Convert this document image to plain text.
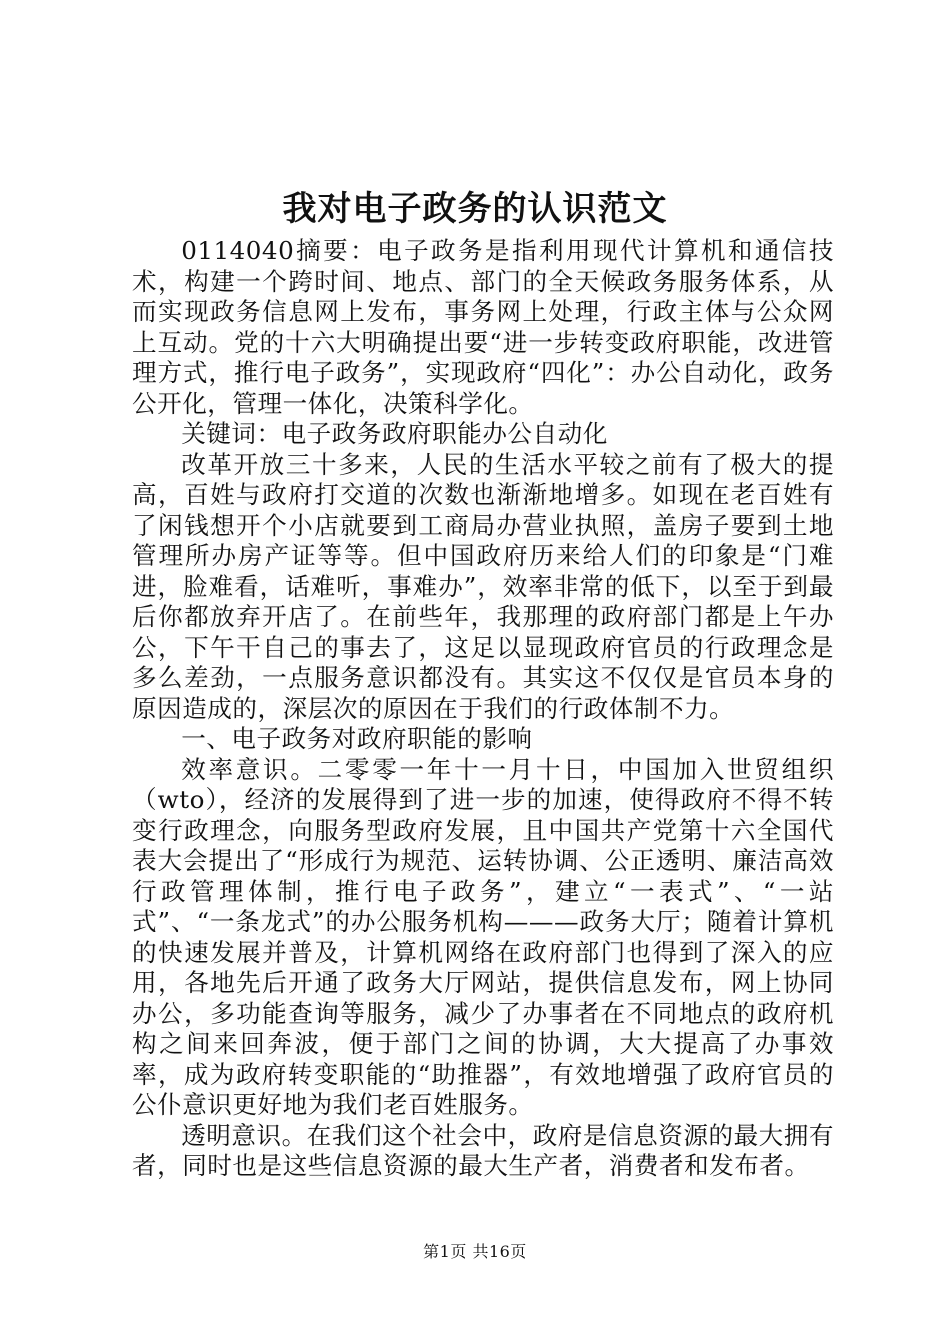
我对电子政务的认识范文

0114040摘要：电子政务是指利用现代计算机和通信技术，构建一个跨时间、地点、部门的全天候政务服务体系，从而实现政务信息网上发布，事务网上处理，行政主体与公众网上互动。党的十六大明确提出要“进一步转变政府职能，改进管理方式，推行电子政务”，实现政府“四化”：办公自动化，政务公开化，管理一体化，决策科学化。

关键词：电子政务政府职能办公自动化

改革开放三十多来，人民的生活水平较之前有了极大的提高，百姓与政府打交道的次数也渐渐地增多。如现在老百姓有了闲钱想开个小店就要到工商局办营业执照，盖房子要到土地管理所办房产证等等。但中国政府历来给人们的印象是“门难进，脸难看，话难听，事难办”，效率非常的低下，以至于到最后你都放弃开店了。在前些年，我那理的政府部门都是上午办公，下午干自己的事去了，这足以显现政府官员的行政理念是多么差劲，一点服务意识都没有。其实这不仅仅是官员本身的原因造成的，深层次的原因在于我们的行政体制不力。

一、电子政务对政府职能的影响

效率意识。二零零一年十一月十日，中国加入世贸组织（wto），经济的发展得到了进一步的加速，使得政府不得不转变行政理念，向服务型政府发展，且中国共产党第十六全国代表大会提出了“形成行为规范、运转协调、公正透明、廉洁高效行政管理体制，推行电子政务”，建立“一表式”、“一站式”、“一条龙式”的办公服务机构———政务大厅；随着计算机的快速发展并普及，计算机网络在政府部门也得到了深入的应用，各地先后开通了政务大厅网站，提供信息发布，网上协同办公，多功能查询等服务，减少了办事者在不同地点的政府机构之间来回奔波，便于部门之间的协调，大大提高了办事效率，成为政府转变职能的“助推器”，有效地增强了政府官员的公仆意识更好地为我们老百姓服务。

透明意识。在我们这个社会中，政府是信息资源的最大拥有者，同时也是这些信息资源的最大生产者，消费者和发布者。

第1页 共16页
